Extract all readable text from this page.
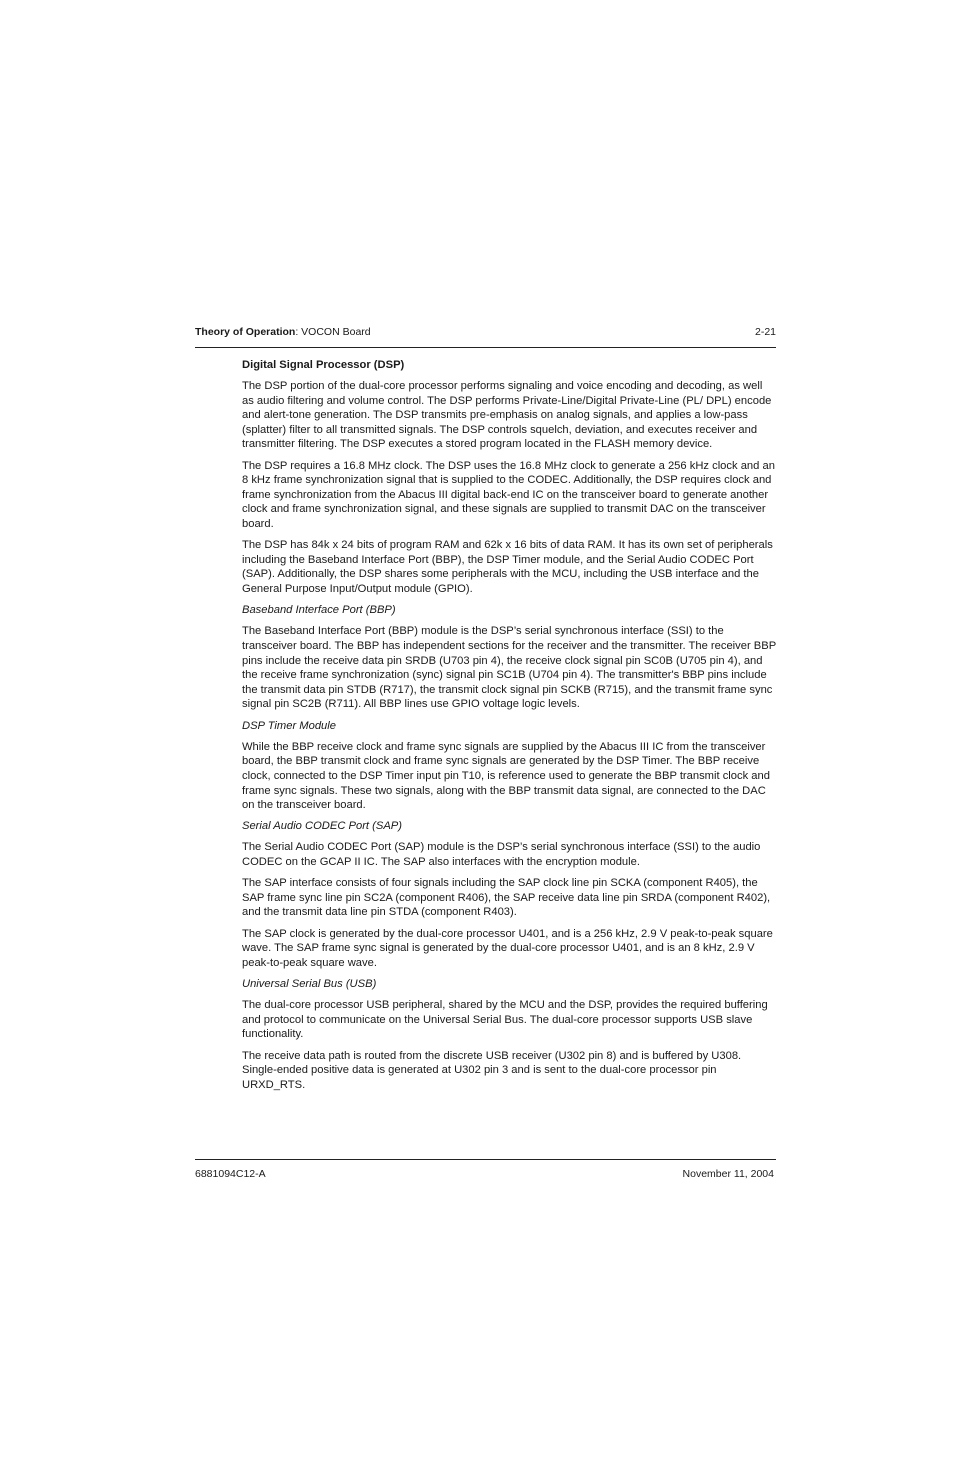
Theory of Operation: VOCON Board	2-21
Digital Signal Processor (DSP)

The DSP portion of the dual-core processor performs signaling and voice encoding and decoding, as well as audio filtering and volume control. The DSP performs Private-Line/Digital Private-Line (PL/ DPL) encode and alert-tone generation. The DSP transmits pre-emphasis on analog signals, and applies a low-pass (splatter) filter to all transmitted signals. The DSP controls squelch, deviation, and executes receiver and transmitter filtering. The DSP executes a stored program located in the FLASH memory device.

The DSP requires a 16.8 MHz clock. The DSP uses the 16.8 MHz clock to generate a 256 kHz clock and an 8 kHz frame synchronization signal that is supplied to the CODEC. Additionally, the DSP requires clock and frame synchronization from the Abacus III digital back-end IC on the transceiver board to generate another clock and frame synchronization signal, and these signals are supplied to transmit DAC on the transceiver board.

The DSP has 84k x 24 bits of program RAM and 62k x 16 bits of data RAM. It has its own set of peripherals including the Baseband Interface Port (BBP), the DSP Timer module, and the Serial Audio CODEC Port (SAP). Additionally, the DSP shares some peripherals with the MCU, including the USB interface and the General Purpose Input/Output module (GPIO).

Baseband Interface Port (BBP)

The Baseband Interface Port (BBP) module is the DSP’s serial synchronous interface (SSI) to the transceiver board. The BBP has independent sections for the receiver and the transmitter. The receiver BBP pins include the receive data pin SRDB (U703 pin 4), the receive clock signal pin SC0B (U705 pin 4), and the receive frame synchronization (sync) signal pin SC1B (U704 pin 4). The transmitter's BBP pins include the transmit data pin STDB (R717), the transmit clock signal pin SCKB (R715), and the transmit frame sync signal pin SC2B (R711). All BBP lines use GPIO voltage logic levels.

DSP Timer Module

While the BBP receive clock and frame sync signals are supplied by the Abacus III IC from the transceiver board, the BBP transmit clock and frame sync signals are generated by the DSP Timer. The BBP receive clock, connected to the DSP Timer input pin T10, is reference used to generate the BBP transmit clock and frame sync signals. These two signals, along with the BBP transmit data signal, are connected to the DAC on the transceiver board.

Serial Audio CODEC Port (SAP)

The Serial Audio CODEC Port (SAP) module is the DSP’s serial synchronous interface (SSI) to the audio CODEC on the GCAP II IC. The SAP also interfaces with the encryption module.

The SAP interface consists of four signals including the SAP clock line pin SCKA (component R405), the SAP frame sync line pin SC2A (component R406), the SAP receive data line pin SRDA (component R402), and the transmit data line pin STDA (component R403).

The SAP clock is generated by the dual-core processor U401, and is a 256 kHz, 2.9 V peak-to-peak square wave. The SAP frame sync signal is generated by the dual-core processor U401, and is an 8 kHz, 2.9 V peak-to-peak square wave.

Universal Serial Bus (USB)

The dual-core processor USB peripheral, shared by the MCU and the DSP, provides the required buffering and protocol to communicate on the Universal Serial Bus. The dual-core processor supports USB slave functionality.

The receive data path is routed from the discrete USB receiver (U302 pin 8) and is buffered by U308. Single-ended positive data is generated at U302 pin 3 and is sent to the dual-core processor pin URXD_RTS.

6881094C12-A	November 11, 2004
